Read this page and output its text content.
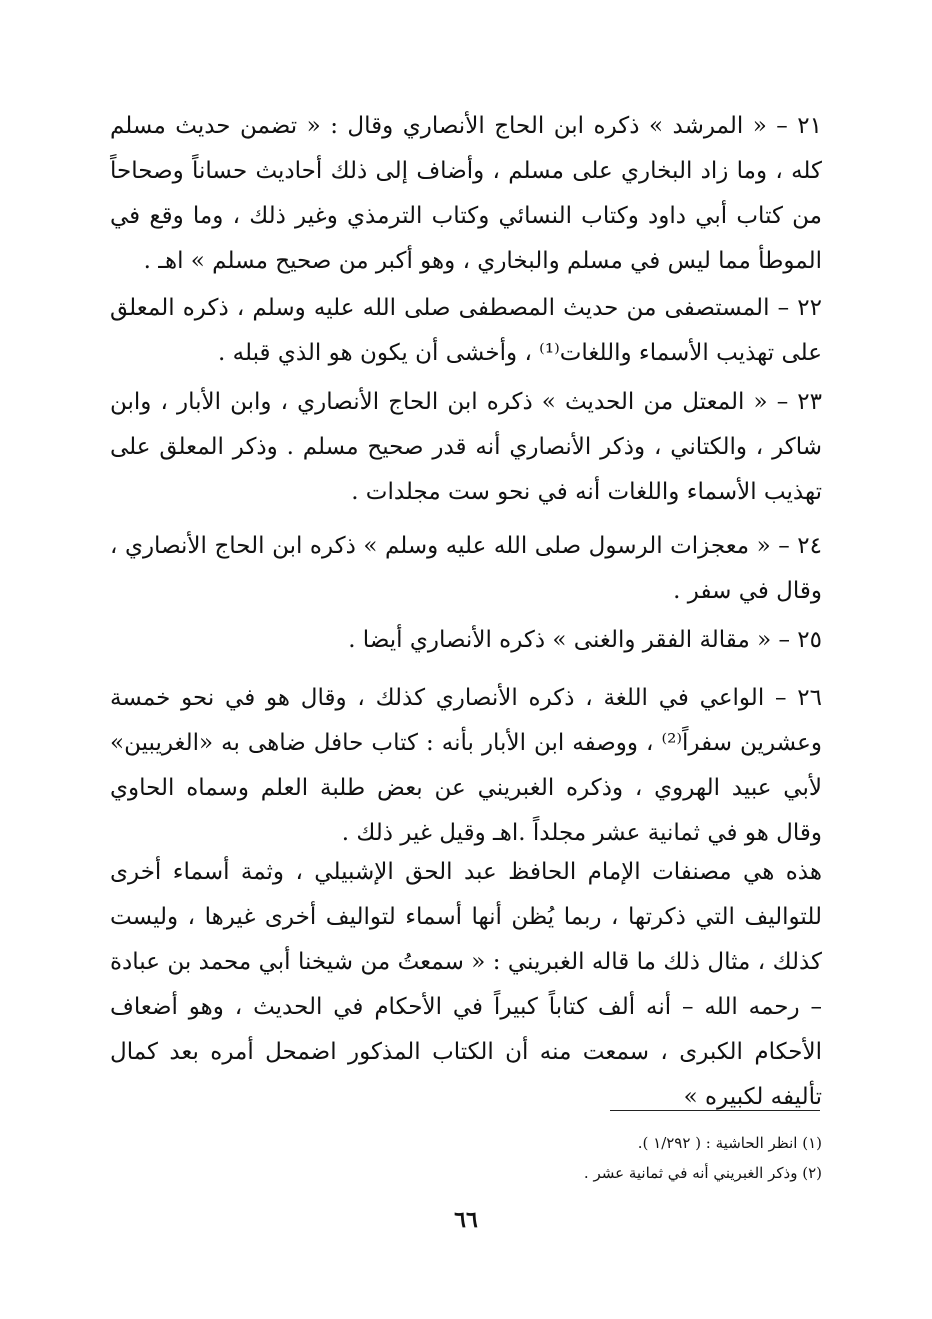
٢١ – « المرشد » ذكره ابن الحاج الأنصاري وقال : « تضمن حديث مسلم كله ، وما زاد البخاري على مسلم ، وأضاف إلى ذلك أحاديث حساناً وصحاحاً من كتاب أبي داود وكتاب النسائي وكتاب الترمذي وغير ذلك ، وما وقع في الموطأ مما ليس في مسلم والبخاري ، وهو أكبر من صحيح مسلم » اهـ .

٢٢ – المستصفى من حديث المصطفى صلى الله عليه وسلم ، ذكره المعلق على تهذيب الأسماء واللغات⁽¹⁾ ، وأخشى أن يكون هو الذي قبله .

٢٣ – « المعتل من الحديث » ذكره ابن الحاج الأنصاري ، وابن الأبار ، وابن شاكر ، والكتاني ، وذكر الأنصاري أنه قدر صحيح مسلم . وذكر المعلق على تهذيب الأسماء واللغات أنه في نحو ست مجلدات .

٢٤ – « معجزات الرسول صلى الله عليه وسلم » ذكره ابن الحاج الأنصاري ، وقال في سفر .

٢٥ – « مقالة الفقر والغنى » ذكره الأنصاري أيضا .

٢٦ – الواعي في اللغة ، ذكره الأنصاري كذلك ، وقال هو في نحو خمسة وعشرين سفراً⁽²⁾ ، ووصفه ابن الأبار بأنه : كتاب حافل ضاهى به «الغريبين» لأبي عبيد الهروي ، وذكره الغبريني عن بعض طلبة العلم وسماه الحاوي وقال هو في ثمانية عشر مجلداً .اهـ وقيل غير ذلك .

هذه هي مصنفات الإمام الحافظ عبد الحق الإشبيلي ، وثمة أسماء أخرى للتواليف التي ذكرتها ، ربما يُظن أنها أسماء لتواليف أخرى غيرها ، وليست كذلك ، مثال ذلك ما قاله الغبريني : « سمعتُ من شيخنا أبي محمد بن عبادة – رحمه الله – أنه ألف كتاباً كبيراً في الأحكام في الحديث ، وهو أضعاف الأحكام الكبرى ، سمعت منه أن الكتاب المذكور اضمحل أمره بعد كمال تأليفه لكبيره »

(١) انظر الحاشية : ( ١/٢٩٢ ).

(٢) وذكر الغبريني أنه في ثمانية عشر .

٦٦
